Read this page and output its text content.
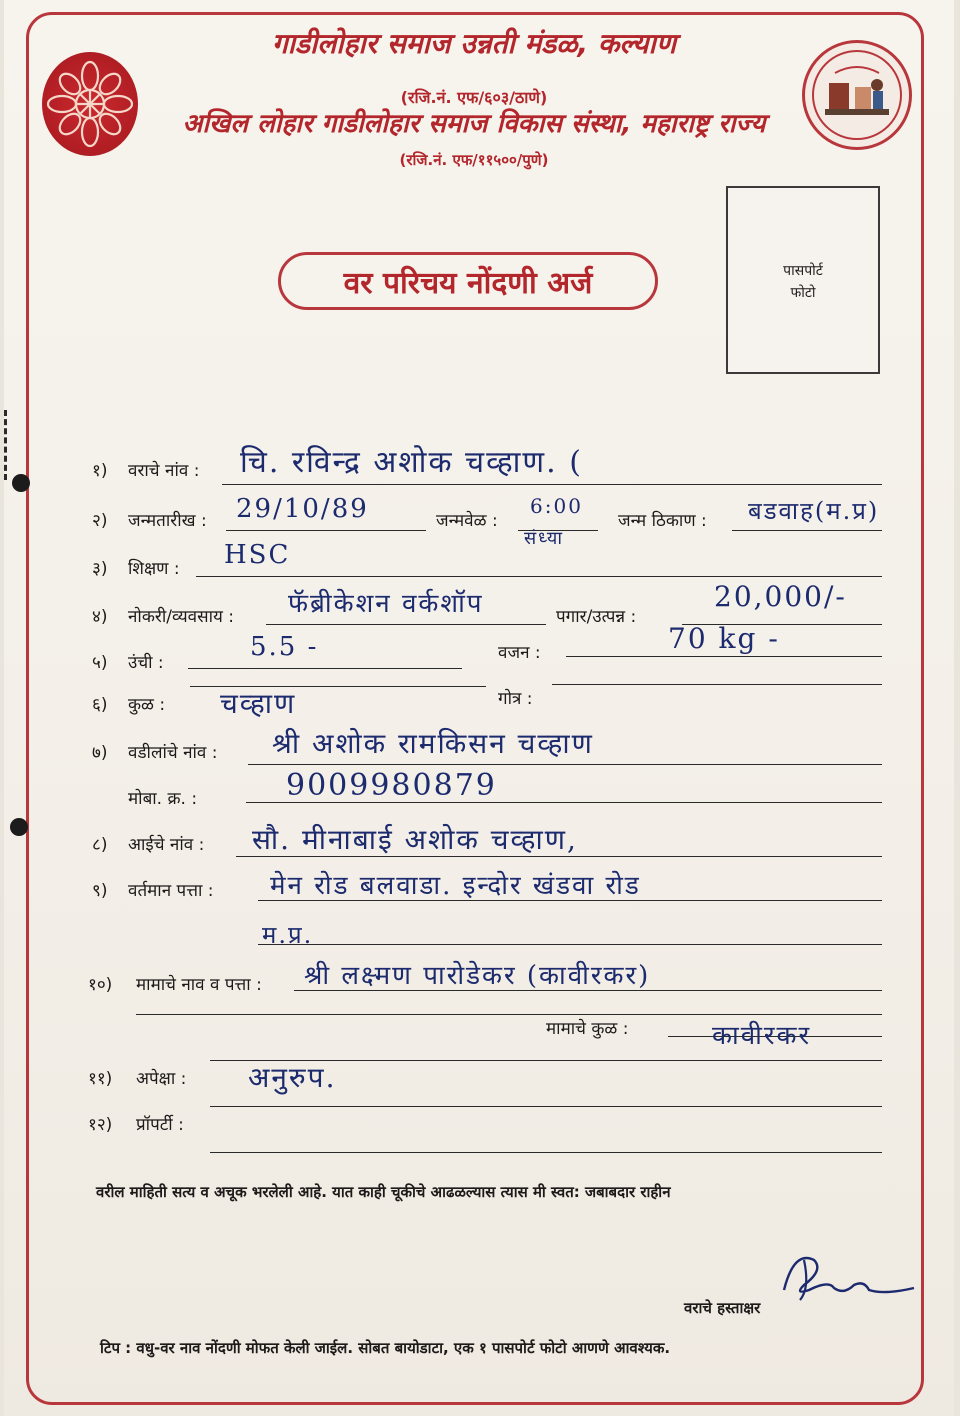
गाडीलोहार समाज उन्नती मंडळ, कल्याण
(रजि.नं. एफ/६०३/ठाणे)
अखिल लोहार गाडीलोहार समाज विकास संस्था, महाराष्ट्र राज्य
(रजि.नं. एफ/११५००/पुणे)
वर परिचय नोंदणी अर्ज	पासपोर्ट
फोटो
१) वराचे नांव : चि. रविन्द्र अशोक चव्हाण. (
२) जन्मतारीख : 29/10/89	जन्मवेळ :
6:00
संध्या
जन्म ठिकाण : बडवाह(म.प्र)
३) शिक्षण : HSC
४) नोकरी/व्यवसाय : फॅब्रीकेशन वर्कशॉप	पगार/उत्पन्न :
20,000/-
५) उंची :
5.5 -	वजन :	70 kg -
६) कुळ : चव्हाण	गोत्र :
७) वडीलांचे नांव : श्री अशोक रामकिसन चव्हाण
मोबा. क्र. :	9009980879
८) आईचे नांव : सौ. मीनाबाई अशोक चव्हाण,
९) वर्तमान पत्ता : मेन रोड बलवाडा. इन्दोर खंडवा रोड
म.प्र.
१०) मामाचे नाव व पत्ता : श्री लक्ष्मण पारोडेकर (कावीरकर)
मामाचे कुळ :	कावीरकर
११) अपेक्षा : अनुरुप.
१२) प्रॉपर्टी :
वरील माहिती सत्य व अचूक भरलेली आहे. यात काही चूकीचे आढळल्यास त्यास मी स्वत: जबाबदार राहीन
वराचे हस्ताक्षर
टिप : वधु-वर नाव नोंदणी मोफत केली जाईल. सोबत बायोडाटा, एक १ पासपोर्ट फोटो आणणे आवश्यक.
